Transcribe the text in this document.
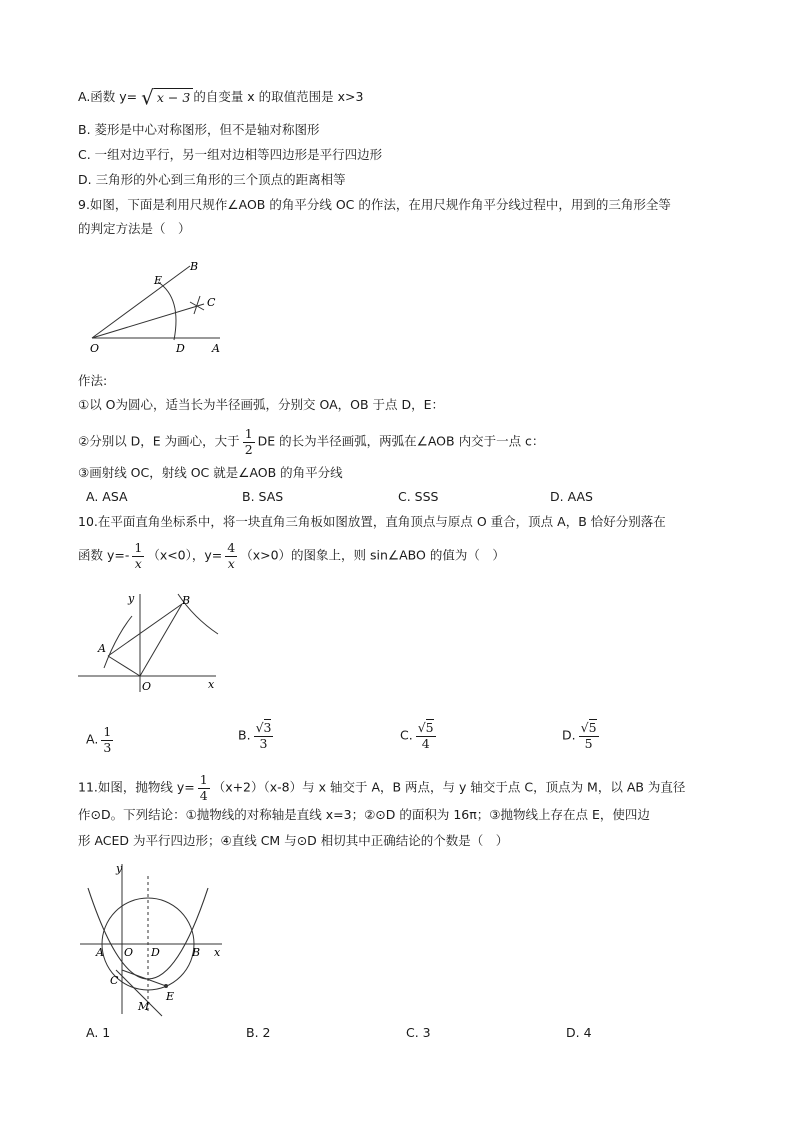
A.函数 y= √ x − 3 的自变量 x 的取值范围是 x>3
B. 菱形是中心对称图形，但不是轴对称图形
C. 一组对边平行，另一组对边相等四边形是平行四边形
D. 三角形的外心到三角形的三个顶点的距离相等
9.如图，下面是利用尺规作∠AOB 的角平分线 OC 的作法，在用尺规作角平分线过程中，用到的三角形全等
的判定方法是（　）
B
E
C
O	D A
作法:
①以 O为圆心，适当长为半径画弧，分别交 OA，OB 于点 D，E：
②分别以 D，E 为画心，大于 $\frac{1}{2}$ DE 的长为半径画弧，两弧在∠AOB 内交于一点 c：
③画射线 OC，射线 OC 就是∠AOB 的角平分线
A. ASA	B. SAS	C. SSS	D. AAS
10.在平面直角坐标系中，将一块直角三角板如图放置，直角顶点与原点 O 重合，顶点 A，B 恰好分别落在
函数 $y=- \frac{1}{x} (x<0)$，$y= \frac{4}{x} (x>0)$的图象上，则 sin∠ABO 的值为（　）
y
x
A
B
O
A. $\frac{1}{3}$	B. $\frac{√3}{3}$	C. $\frac{√5}{4}$	D. $\frac{√5}{5}$
11.如图，抛物线 $y= \frac{1}{4} (x+2)(x-8)$与 x 轴交于 A，B 两点，与 y 轴交于点 C，顶点为 M，以 AB 为直径
作⊙D。下列结论：①抛物线的对称轴是直线 x=3；②⊙D 的面积为 16π；③抛物线上存在点 E，使四边
形 ACED 为平行四边形；④直线 CM 与⊙D 相切其中正确结论的个数是（　）
y
x
A O D	B
C
M
E
A. 1	B. 2	C. 3	D. 4
